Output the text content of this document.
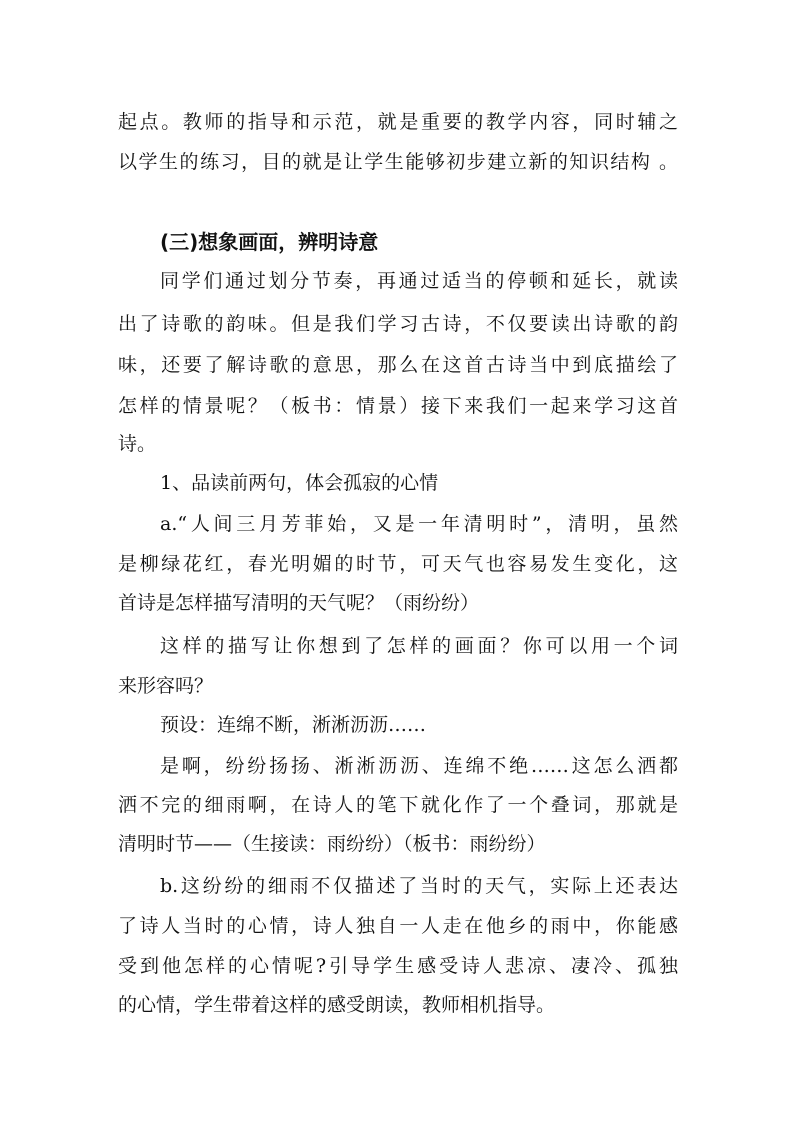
起点。教师的指导和示范，就是重要的教学内容，同时辅之
以学生的练习，目的就是让学生能够初步建立新的知识结构 。
(三)想象画面，辨明诗意
同学们通过划分节奏，再通过适当的停顿和延长，就读
出了诗歌的韵味。但是我们学习古诗，不仅要读出诗歌的韵
味，还要了解诗歌的意思，那么在这首古诗当中到底描绘了
怎样的情景呢？（板书：情景）接下来我们一起来学习这首
诗。
1、品读前两句，体会孤寂的心情
a.“人间三月芳菲始，又是一年清明时”，清明，虽然
是柳绿花红，春光明媚的时节，可天气也容易发生变化，这
首诗是怎样描写清明的天气呢？（雨纷纷）
这样的描写让你想到了怎样的画面？你可以用一个词
来形容吗？
预设：连绵不断，淅淅沥沥……
是啊，纷纷扬扬、淅淅沥沥、连绵不绝……这怎么洒都
洒不完的细雨啊，在诗人的笔下就化作了一个叠词，那就是
清明时节——（生接读：雨纷纷）（板书：雨纷纷）
b.这纷纷的细雨不仅描述了当时的天气，实际上还表达
了诗人当时的心情，诗人独自一人走在他乡的雨中，你能感
受到他怎样的心情呢?引导学生感受诗人悲凉、凄冷、孤独
的心情，学生带着这样的感受朗读，教师相机指导。
